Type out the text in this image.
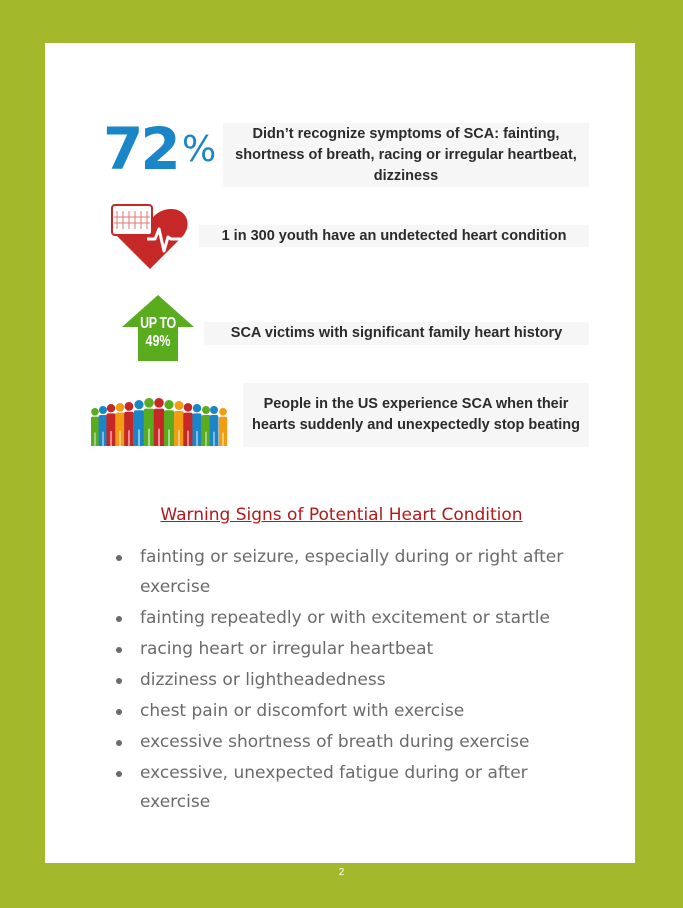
72 %	Didn’t recognize symptoms of SCA: fainting, shortness of breath, racing or irregular heartbeat, dizziness
1 in 300 youth have an undetected heart condition
UP TO
49%	SCA victims with significant family heart history
People in the US experience SCA when their hearts suddenly and unexpectedly stop beating
Warning Signs of Potential Heart Condition
fainting or seizure, especially during or right after exercise
fainting repeatedly or with excitement or startle
racing heart or irregular heartbeat
dizziness or lightheadedness
chest pain or discomfort with exercise
excessive shortness of breath during exercise
excessive, unexpected fatigue during or after exercise
2
